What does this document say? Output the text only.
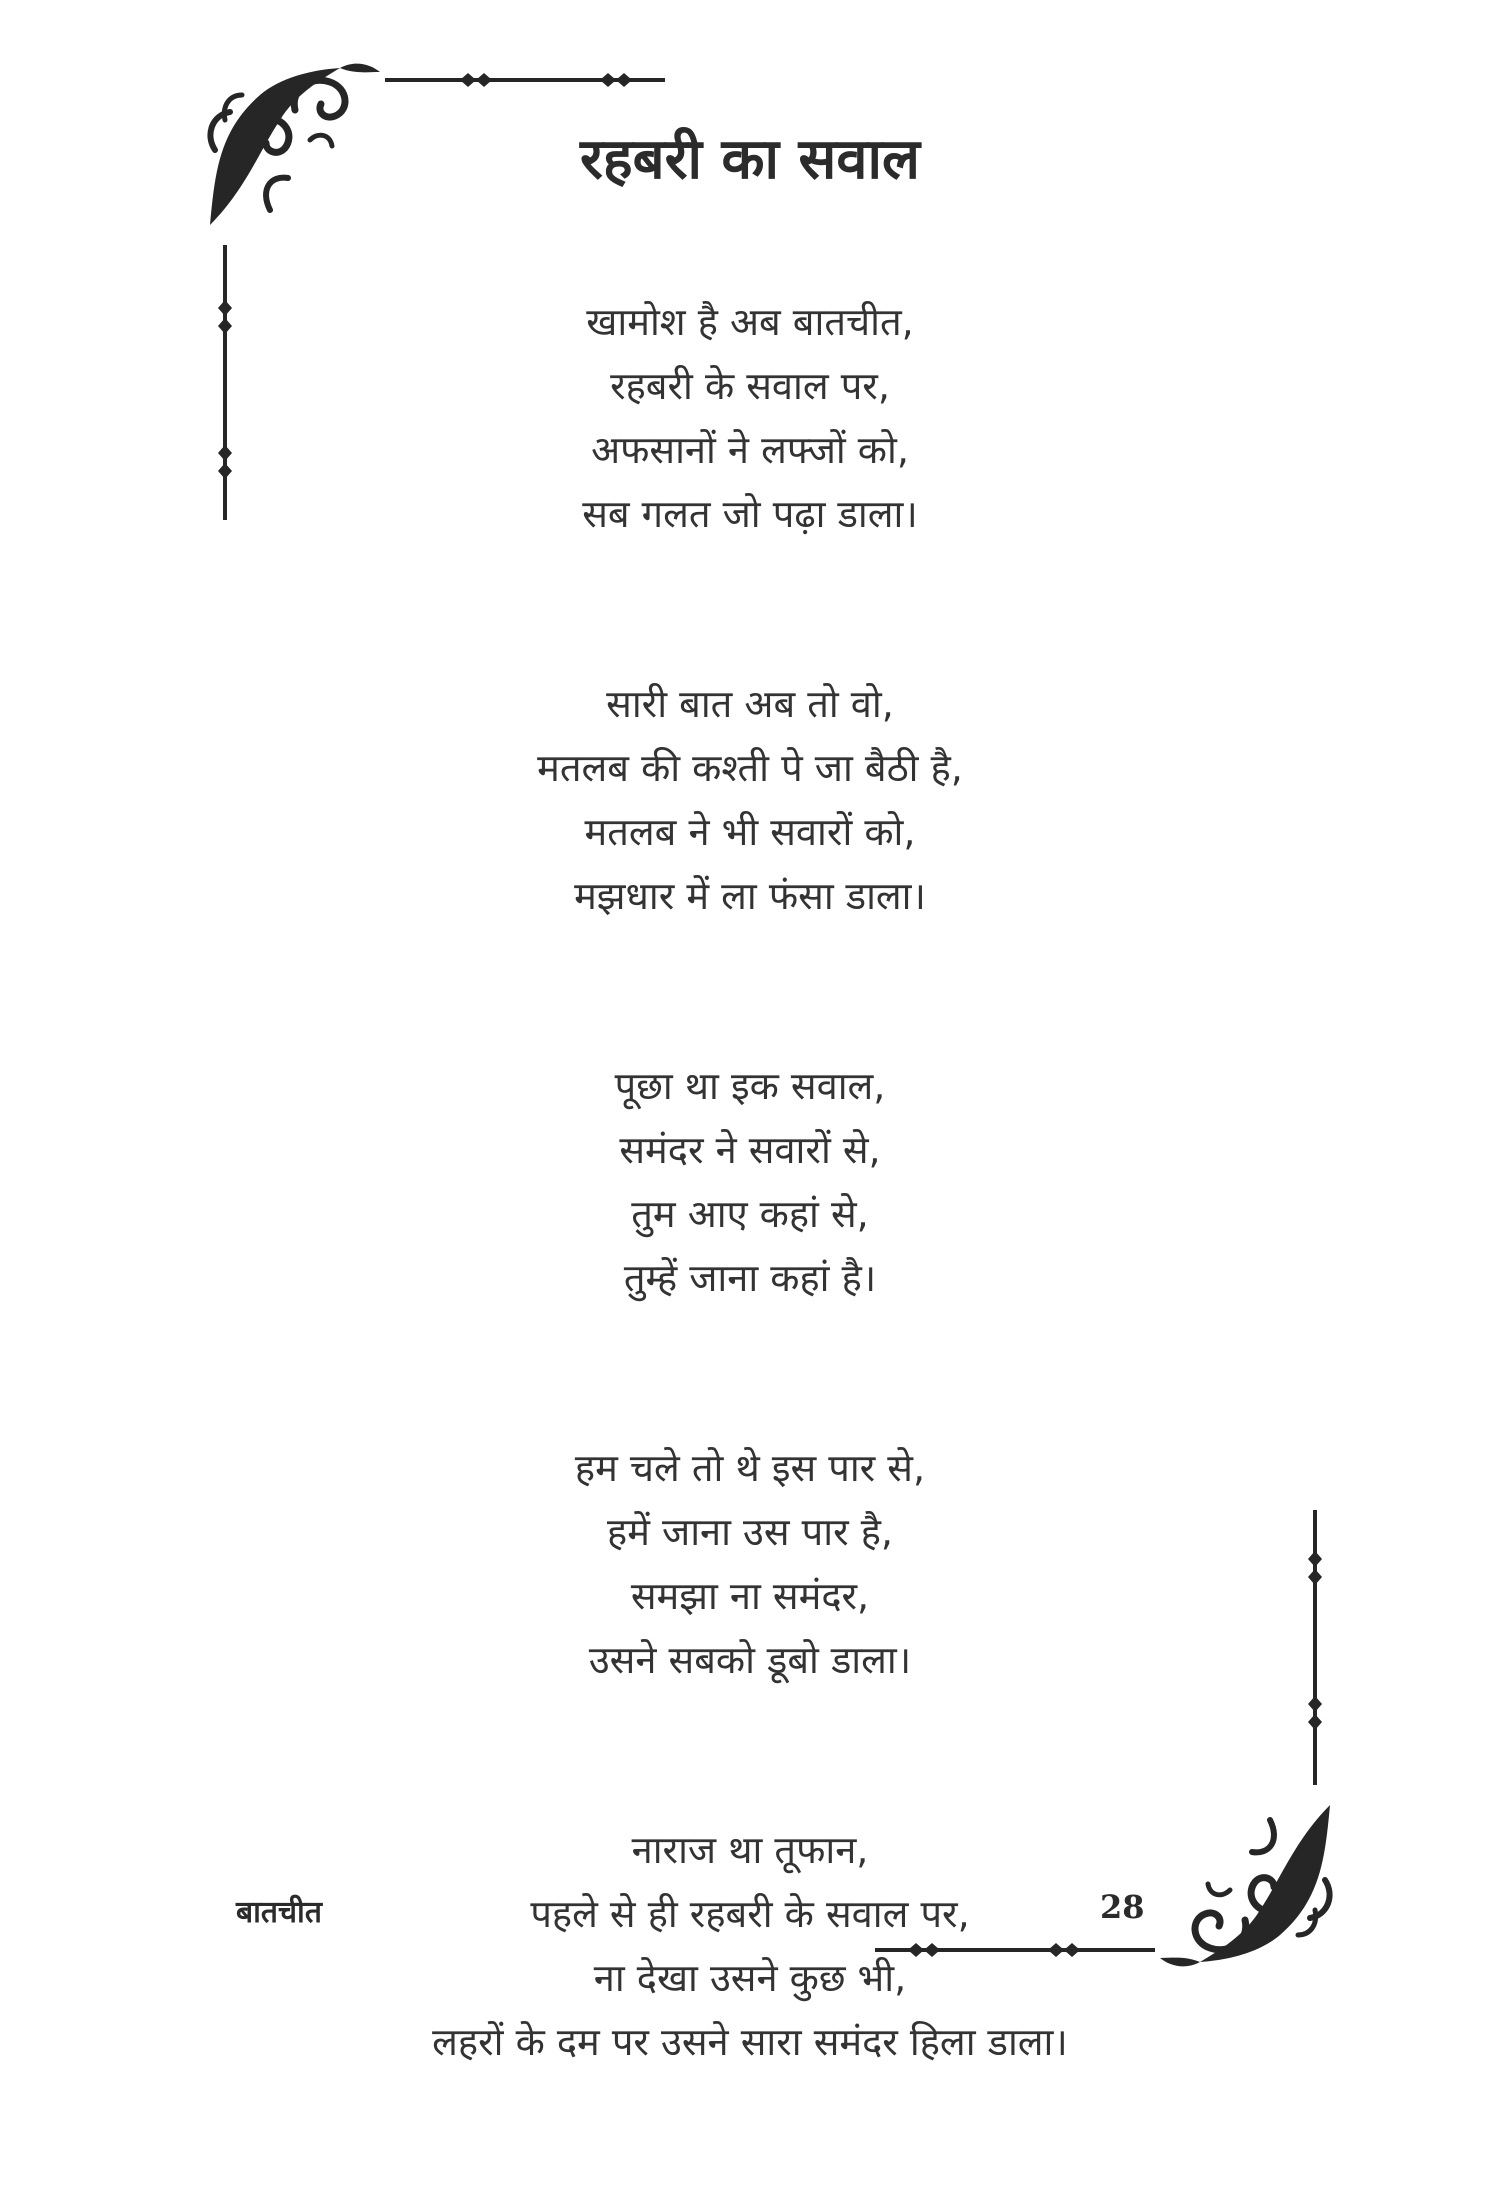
रहबरी का सवाल
खामोश है अब बातचीत,
रहबरी के सवाल पर,
अफसानों ने लफ्जों को,
सब गलत जो पढ़ा डाला।
सारी बात अब तो वो,
मतलब की कश्ती पे जा बैठी है,
मतलब ने भी सवारों को,
मझधार में ला फंसा डाला।
पूछा था इक सवाल,
समंदर ने सवारों से,
तुम आए कहां से,
तुम्हें जाना कहां है।
हम चले तो थे इस पार से,
हमें जाना उस पार है,
समझा ना समंदर,
उसने सबको डूबो डाला।
नाराज था तूफान,
पहले से ही रहबरी के सवाल पर,
ना देखा उसने कुछ भी,
लहरों के दम पर उसने सारा समंदर हिला डाला।
बातचीत	28
